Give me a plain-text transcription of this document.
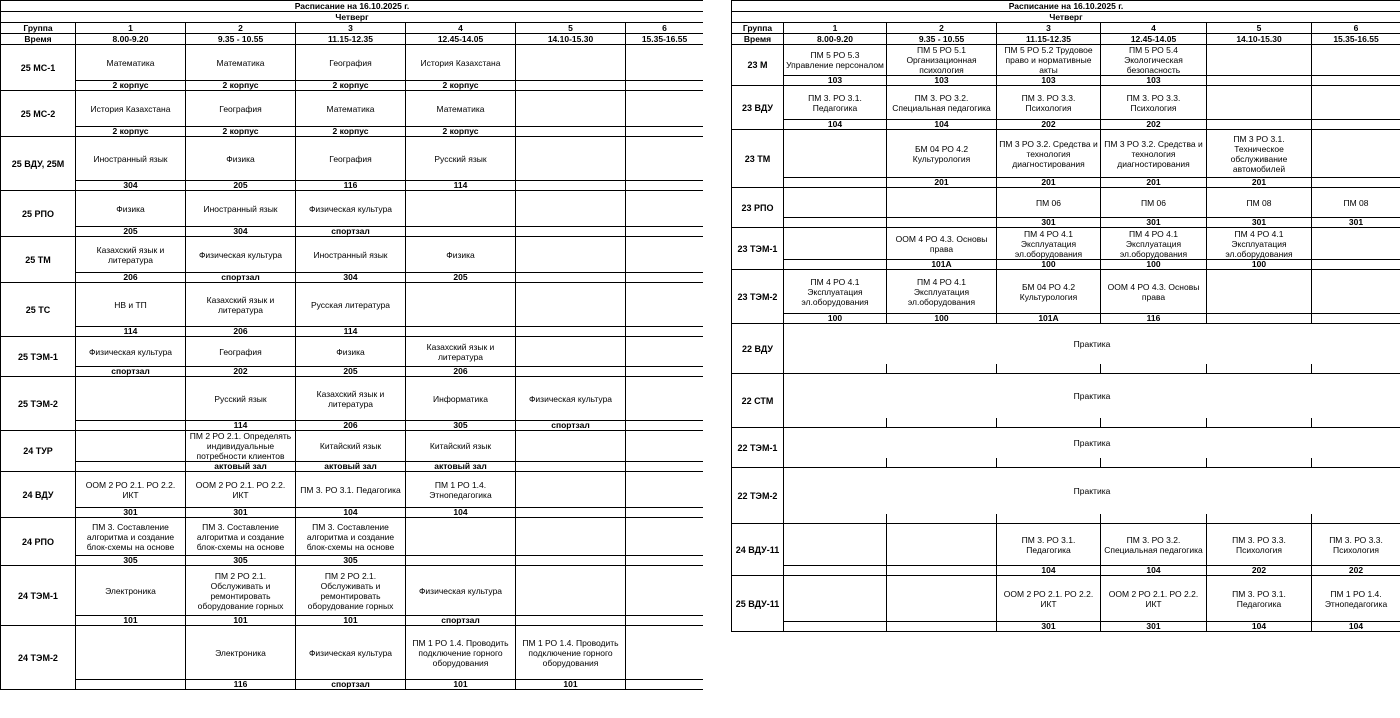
Расписание на 16.10.2025 г.						
Четверг						
Группа	1	2	3	4	5	6
Время	8.00-9.20	9.35 - 10.55	11.15-12.35	12.45-14.05	14.10-15.30	15.35-16.55
25 МС-1	Математика	Математика	География	История Казахстана		
	2 корпус	2 корпус	2 корпус	2 корпус		
25 МС-2	История Казахстана	География	Математика	Математика		
	2 корпус	2 корпус	2 корпус	2 корпус		
25 ВДУ, 25М	Иностранный язык	Физика	География	Русский язык		
	304	205	116	114		
25 РПО	Физика	Иностранный язык	Физическая культура			
	205	304	спортзал			
25 ТМ	Казахский язык и литература	Физическая культура	Иностранный язык	Физика		
	206	спортзал	304	205		
25 ТС	НВ и ТП	Казахский язык и литература	Русская литература			
	114	206	114			
25 ТЭМ-1	Физическая культура	География	Физика	Казахский язык и литература		
	спортзал	202	205	206		
25 ТЭМ-2		Русский язык	Казахский язык и литература	Информатика	Физическая культура	
		114	206	305	спортзал	
24 ТУР		ПМ 2 РО 2.1. Определять индивидуальные потребности клиентов	Китайский язык	Китайский язык		
		актовый зал	актовый зал	актовый зал		
24 ВДУ	ООМ 2 РО 2.1. РО 2.2. ИКТ	ООМ 2 РО 2.1. РО 2.2. ИКТ	ПМ 3. РО 3.1. Педагогика	ПМ 1 РО 1.4. Этнопедагогика		
	301	301	104	104		
24 РПО	ПМ 3. Составление алгоритма и создание блок-схемы на основе	ПМ 3. Составление алгоритма и создание блок-схемы на основе	ПМ 3. Составление алгоритма и создание блок-схемы на основе			
	305	305	305			
24 ТЭМ-1	Электроника	ПМ 2 РО 2.1. Обслуживать и ремонтировать оборудование горных	ПМ 2 РО 2.1. Обслуживать и ремонтировать оборудование горных	Физическая культура		
	101	101	101	спортзал		
24 ТЭМ-2		Электроника	Физическая культура	ПМ 1 РО 1.4. Проводить подключение горного оборудования	ПМ 1 РО 1.4. Проводить подключение горного оборудования	
		116	спортзал	101	101	
Расписание на 16.10.2025 г.						
Четверг						
Группа	1	2	3	4	5	6
Время	8.00-9.20	9.35 - 10.55	11.15-12.35	12.45-14.05	14.10-15.30	15.35-16.55
23 М	ПМ 5 РО 5.3 Управление персоналом	ПМ 5 РО 5.1 Организационная психология	ПМ 5 РО 5.2 Трудовое право и нормативные акты	ПМ 5 РО 5.4 Экологическая безопасность		
	103	103	103	103		
23 ВДУ	ПМ 3. РО 3.1. Педагогика	ПМ 3. РО 3.2. Специальная педагогика	ПМ 3. РО 3.3. Психология	ПМ 3. РО 3.3. Психология		
	104	104	202	202		
23 ТМ		БМ 04 РО 4.2 Культурология	ПМ 3 РО 3.2. Средства и технология диагностирования	ПМ 3 РО 3.2. Средства и технология диагностирования	ПМ 3 РО 3.1. Техническое обслуживание автомобилей	
		201	201	201	201	
23 РПО			ПМ 06	ПМ 06	ПМ 08	ПМ 08
			301	301	301	301
23 ТЭМ-1		ООМ 4 РО 4.3. Основы права	ПМ 4 РО 4.1 Эксплуатация эл.оборудования	ПМ 4 РО 4.1 Эксплуатация эл.оборудования	ПМ 4 РО 4.1 Эксплуатация эл.оборудования	
		101А	100	100	100	
23 ТЭМ-2	ПМ 4 РО 4.1 Эксплуатация эл.оборудования	ПМ 4 РО 4.1 Эксплуатация эл.оборудования	БМ 04 РО 4.2 Культурология	ООМ 4 РО 4.3. Основы права		
	100	100	101А	116		
22 ВДУ	Практика					

22 СТМ	Практика					

22 ТЭМ-1	Практика					

22 ТЭМ-2	Практика					

24 ВДУ-11			ПМ 3. РО 3.1. Педагогика	ПМ 3. РО 3.2. Специальная педагогика	ПМ 3. РО 3.3. Психология	ПМ 3. РО 3.3. Психология
			104	104	202	202
25 ВДУ-11			ООМ 2 РО 2.1. РО 2.2. ИКТ	ООМ 2 РО 2.1. РО 2.2. ИКТ	ПМ 3. РО 3.1. Педагогика	ПМ 1 РО 1.4. Этнопедагогика
			301	301	104	104
